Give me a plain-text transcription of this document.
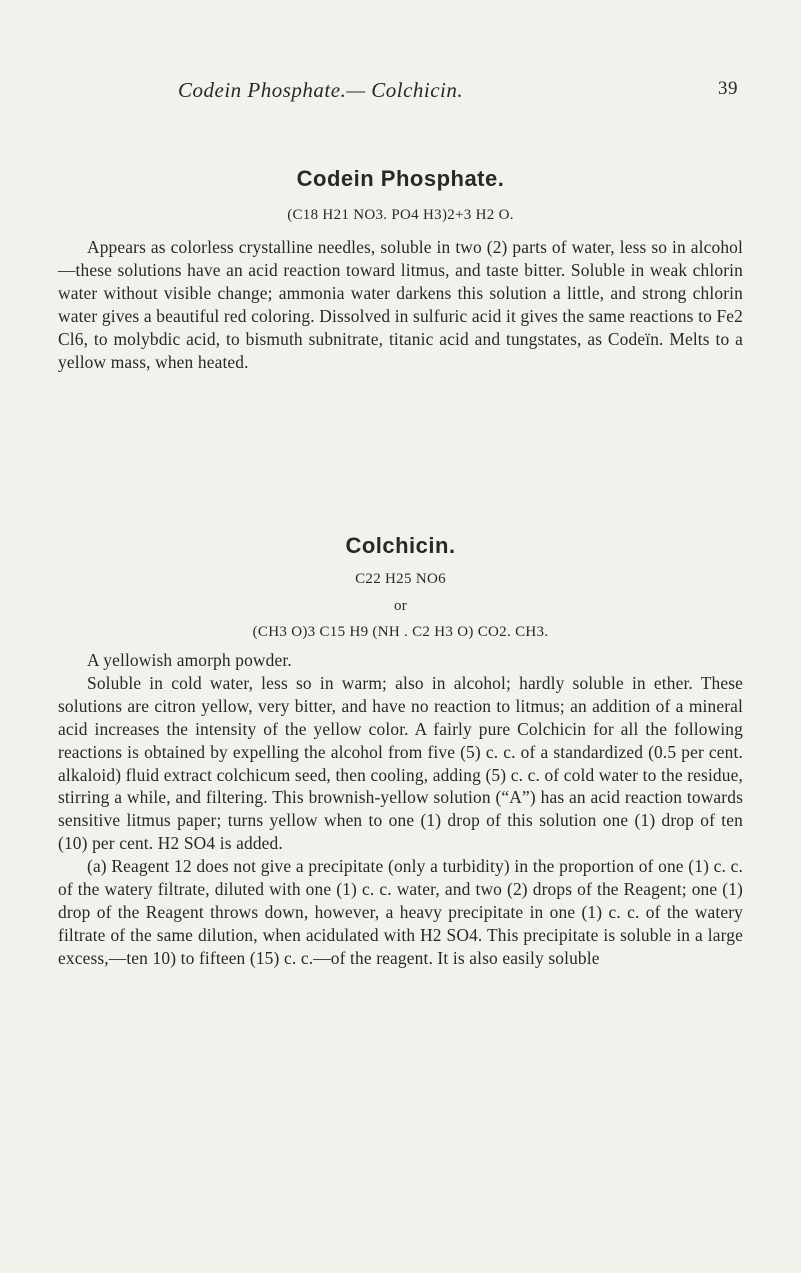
Codein Phosphate.— Colchicin.	39
Codein Phosphate.
(C18 H21 NO3. PO4 H3)2+3 H2 O.

Appears as colorless crystalline needles, soluble in two (2) parts of water, less so in alcohol—these solutions have an acid reaction toward litmus, and taste bitter. Soluble in weak chlorin water without visible change; ammonia water darkens this solution a little, and strong chlorin water gives a beautiful red coloring. Dissolved in sulfuric acid it gives the same reactions to Fe2 Cl6, to molybdic acid, to bismuth subnitrate, titanic acid and tungstates, as Codeïn. Melts to a yellow mass, when heated.

Colchicin.
C22 H25 NO6
or
(CH3 O)3 C15 H9 (NH . C2 H3 O) CO2. CH3.

A yellowish amorph powder.

Soluble in cold water, less so in warm; also in alcohol; hardly soluble in ether. These solutions are citron yellow, very bitter, and have no reaction to litmus; an addition of a mineral acid increases the intensity of the yellow color. A fairly pure Colchicin for all the following reactions is obtained by expelling the alcohol from five (5) c. c. of a standardized (0.5 per cent. alkaloid) fluid extract colchicum seed, then cooling, adding (5) c. c. of cold water to the residue, stirring a while, and filtering. This brownish-yellow solution (“A”) has an acid reaction towards sensitive litmus paper; turns yellow when to one (1) drop of this solution one (1) drop of ten (10) per cent. H2 SO4 is added.

(a) Reagent 12 does not give a precipitate (only a turbidity) in the proportion of one (1) c. c. of the watery filtrate, diluted with one (1) c. c. water, and two (2) drops of the Reagent; one (1) drop of the Reagent throws down, however, a heavy precipitate in one (1) c. c. of the watery filtrate of the same dilution, when acidulated with H2 SO4. This precipitate is soluble in a large excess,—ten 10) to fifteen (15) c. c.—of the reagent. It is also easily soluble
